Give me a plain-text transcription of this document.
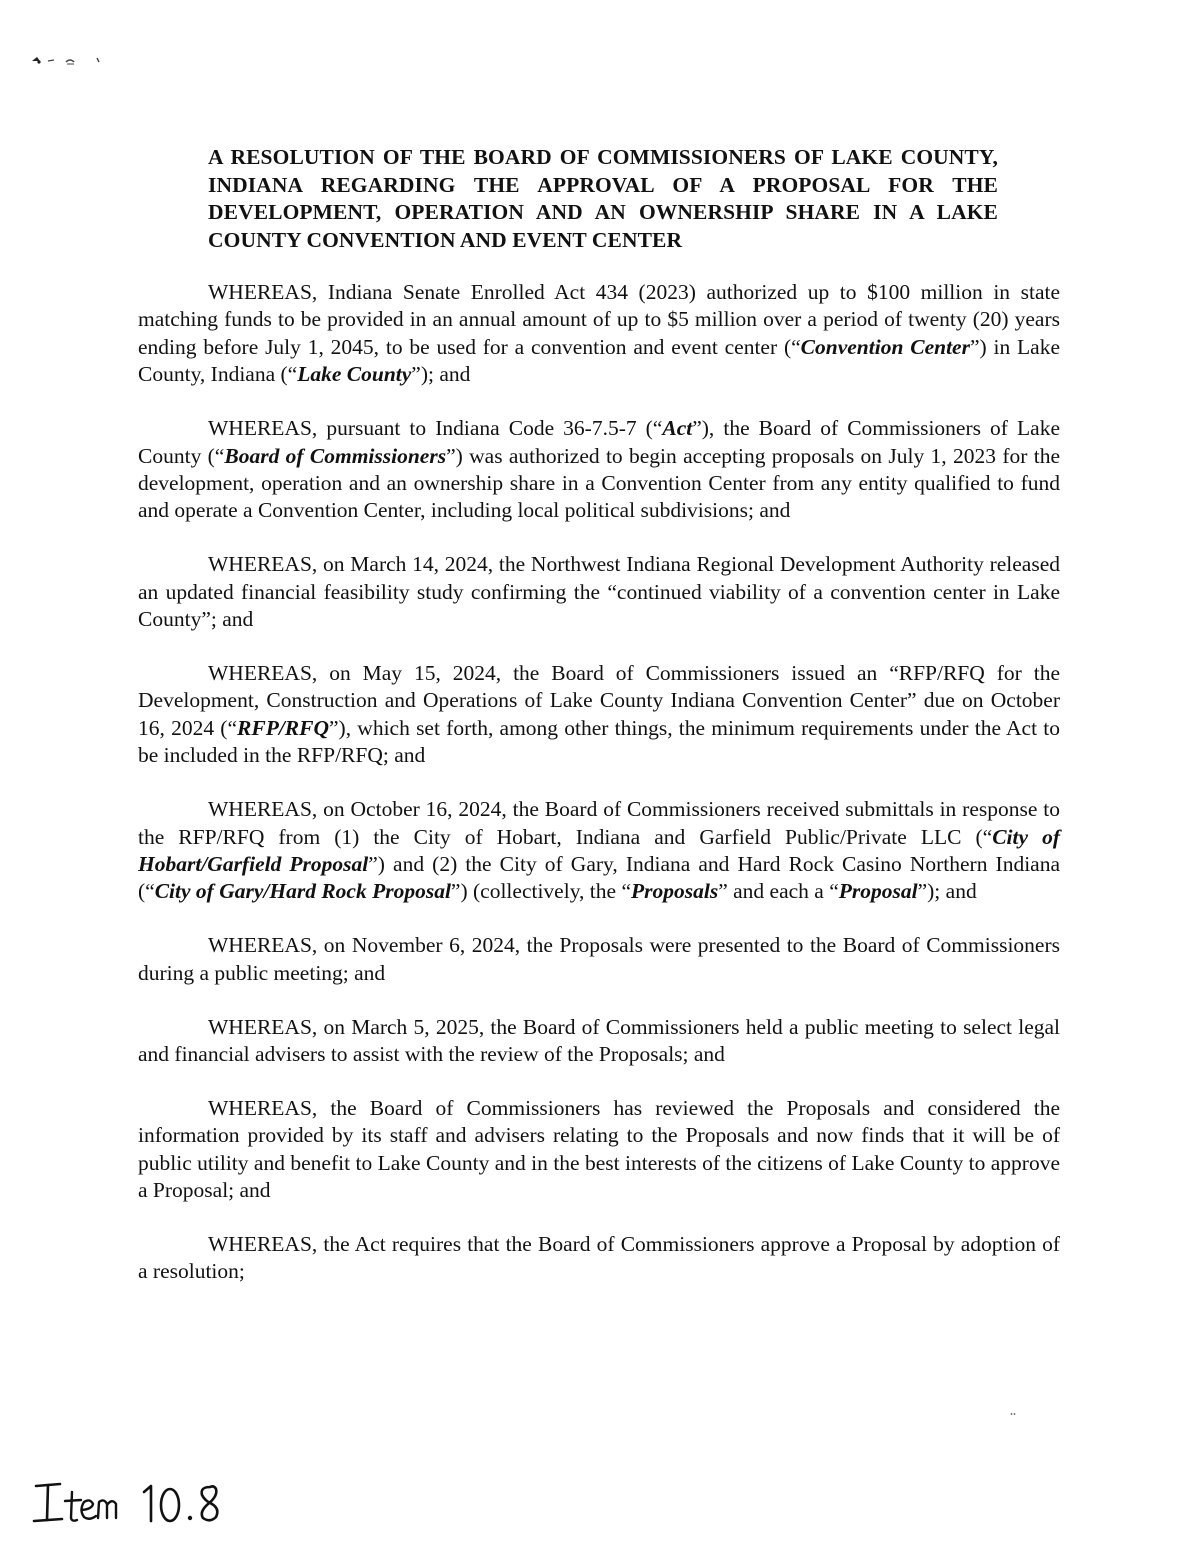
A RESOLUTION OF THE BOARD OF COMMISSIONERS OF LAKE COUNTY, INDIANA REGARDING THE APPROVAL OF A PROPOSAL FOR THE DEVELOPMENT, OPERATION AND AN OWNERSHIP SHARE IN A LAKE COUNTY CONVENTION AND EVENT CENTER

WHEREAS, Indiana Senate Enrolled Act 434 (2023) authorized up to $100 million in state matching funds to be provided in an annual amount of up to $5 million over a period of twenty (20) years ending before July 1, 2045, to be used for a convention and event center (“Convention Center”) in Lake County, Indiana (“Lake County”); and

WHEREAS, pursuant to Indiana Code 36-7.5-7 (“Act”), the Board of Commissioners of Lake County (“Board of Commissioners”) was authorized to begin accepting proposals on July 1, 2023 for the development, operation and an ownership share in a Convention Center from any entity qualified to fund and operate a Convention Center, including local political subdivisions; and

WHEREAS, on March 14, 2024, the Northwest Indiana Regional Development Authority released an updated financial feasibility study confirming the “continued viability of a convention center in Lake County”; and

WHEREAS, on May 15, 2024, the Board of Commissioners issued an “RFP/RFQ for the Development, Construction and Operations of Lake County Indiana Convention Center” due on October 16, 2024 (“RFP/RFQ”), which set forth, among other things, the minimum requirements under the Act to be included in the RFP/RFQ; and

WHEREAS, on October 16, 2024, the Board of Commissioners received submittals in response to the RFP/RFQ from (1) the City of Hobart, Indiana and Garfield Public/Private LLC (“City of Hobart/Garfield Proposal”) and (2) the City of Gary, Indiana and Hard Rock Casino Northern Indiana (“City of Gary/Hard Rock Proposal”) (collectively, the “Proposals” and each a “Proposal”); and

WHEREAS, on November 6, 2024, the Proposals were presented to the Board of Commissioners during a public meeting; and

WHEREAS, on March 5, 2025, the Board of Commissioners held a public meeting to select legal and financial advisers to assist with the review of the Proposals; and

WHEREAS, the Board of Commissioners has reviewed the Proposals and considered the information provided by its staff and advisers relating to the Proposals and now finds that it will be of public utility and benefit to Lake County and in the best interests of the citizens of Lake County to approve a Proposal; and

WHEREAS, the Act requires that the Board of Commissioners approve a Proposal by adoption of a resolution;
